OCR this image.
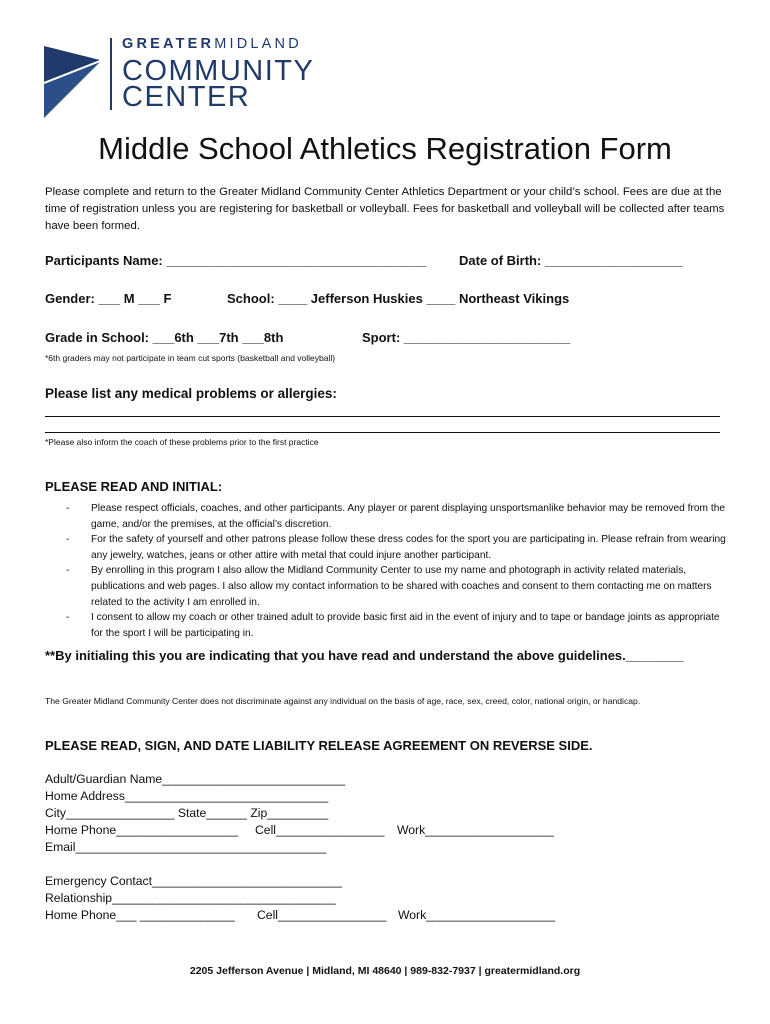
GREATERMIDLAND
COMMUNITY
CENTER
Middle School Athletics Registration Form
Please complete and return to the Greater Midland Community Center Athletics Department or your child’s school. Fees are due at the time of registration unless you are registering for basketball or volleyball. Fees for basketball and volleyball will be collected after teams have been formed.
Participants Name: ____________________________________ Date of Birth: ___________________
Gender: ___ M ___ F	School: ____ Jefferson Huskies ____ Northeast Vikings
Grade in School: ___6th ___7th ___8th	Sport: _______________________
*6th graders may not participate in team cut sports (basketball and volleyball)
Please list any medical problems or allergies:
*Please also inform the coach of these problems prior to the first practice
PLEASE READ AND INITIAL:
- Please respect officials, coaches, and other participants. Any player or parent displaying unsportsmanlike behavior may be removed from the game, and/or the premises, at the official’s discretion.
- For the safety of yourself and other patrons please follow these dress codes for the sport you are participating in. Please refrain from wearing any jewelry, watches, jeans or other attire with metal that could injure another participant.
- By enrolling in this program I also allow the Midland Community Center to use my name and photograph in activity related materials, publications and web pages. I also allow my contact information to be shared with coaches and consent to them contacting me on matters related to the activity I am enrolled in.
- I consent to allow my coach or other trained adult to provide basic first aid in the event of injury and to tape or bandage joints as appropriate for the sport I will be participating in.
**By initialing this you are indicating that you have read and understand the above guidelines.________
The Greater Midland Community Center does not discriminate against any individual on the basis of age, race, sex, creed, color, national origin, or handicap.
PLEASE READ, SIGN, AND DATE LIABILITY RELEASE AGREEMENT ON REVERSE SIDE.
Adult/Guardian Name___________________________
Home Address______________________________
City________________ State______ Zip_________
Home Phone__________________ Cell________________ Work___________________
Email_____________________________________
Emergency Contact____________________________
Relationship_________________________________
Home Phone___ ______________ Cell________________ Work___________________
2205 Jefferson Avenue | Midland, MI 48640 | 989-832-7937 | greatermidland.org
